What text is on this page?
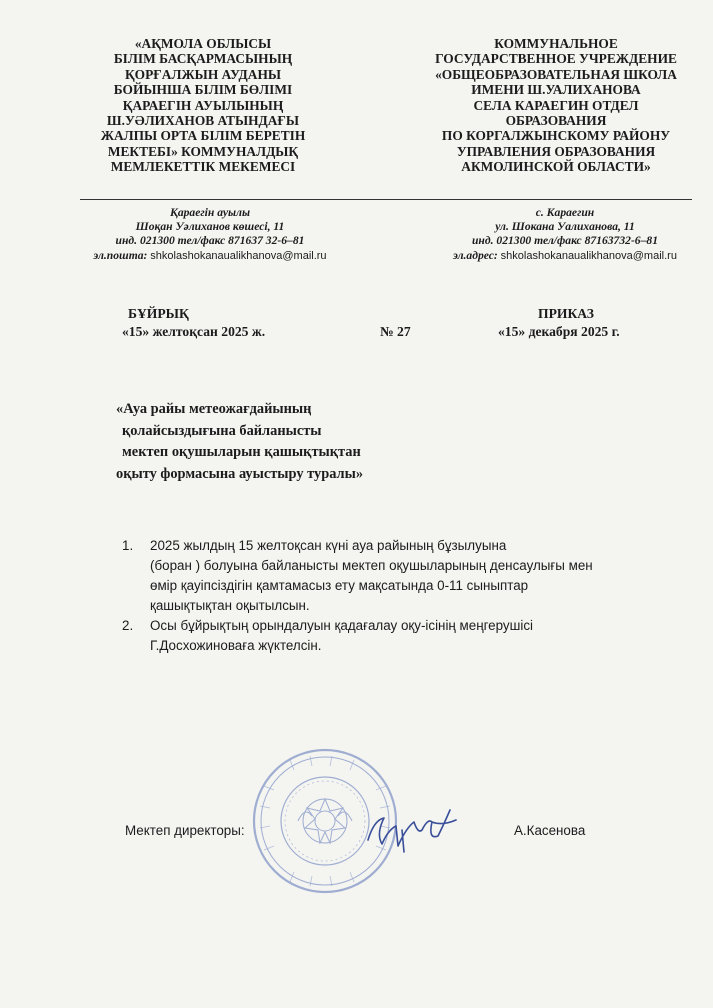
«АҚМОЛА ОБЛЫСЫ
БІЛІМ БАСҚАРМАСЫНЫҢ
ҚОРҒАЛЖЫН АУДАНЫ
БОЙЫНША БІЛІМ БӨЛІМІ
ҚАРАЕГІН АУЫЛЫНЫҢ
Ш.УӘЛИХАНОВ АТЫНДАҒЫ
ЖАЛПЫ ОРТА БІЛІМ БЕРЕТІН
МЕКТЕБІ» КОММУНАЛДЫҚ
МЕМЛЕКЕТТІК МЕКЕМЕСІ
КОММУНАЛЬНОЕ
ГОСУДАРСТВЕННОЕ УЧРЕЖДЕНИЕ
«ОБЩЕОБРАЗОВАТЕЛЬНАЯ ШКОЛА
ИМЕНИ Ш.УАЛИХАНОВА
СЕЛА КАРАЕГИН ОТДЕЛ
ОБРАЗОВАНИЯ
ПО КОРГАЛЖЫНСКОМУ РАЙОНУ
УПРАВЛЕНИЯ ОБРАЗОВАНИЯ
АКМОЛИНСКОЙ ОБЛАСТИ»
Қараегін ауылы
Шоқан Уәлиханов көшесі, 11
инд. 021300 тел/факс 871637 32-6–81
эл.пошта: shkolashokanaualikhanova@mail.ru
с. Караегин
ул. Шокана Уалиханова, 11
инд. 021300 тел/факс 87163732-6–81
эл.адрес: shkolashokanaualikhanova@mail.ru
БҰЙРЫҚ	ПРИКАЗ
«15» желтоқсан 2025 ж.	№ 27	«15» декабря 2025 г.
«Ауа райы метеожағдайының
қолайсыздығына байланысты
мектеп оқушыларын қашықтықтан
оқыту формасына ауыстыру туралы»
1.	2025 жылдың 15 желтоқсан күні ауа райының бұзылуына
(боран ) болуына байланысты мектеп оқушыларының денсаулығы мен
өмір қауіпсіздігін қамтамасыз ету мақсатында 0-11 сыныптар
қашықтықтан оқытылсын.
2.	Осы бұйрықтың орындалуын қадағалау оқу-ісінің меңгерушісі
Г.Досхожиноваға жүктелсін.
Мектеп директоры:	А.Касенова
